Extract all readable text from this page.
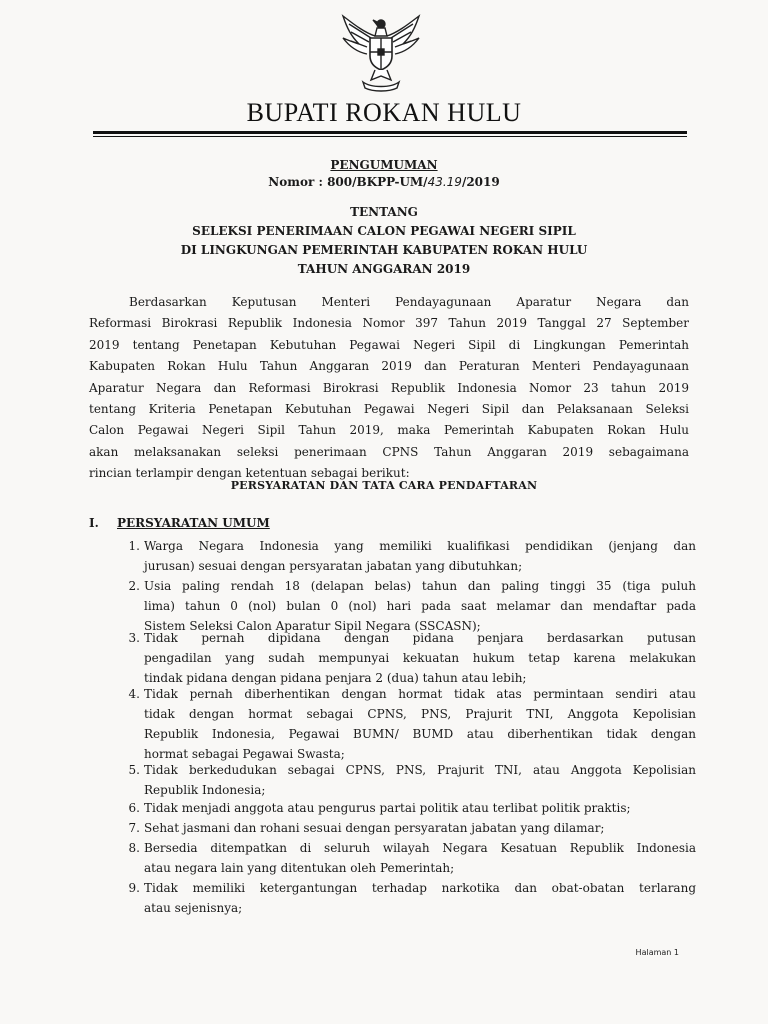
BUPATI ROKAN HULU
PENGUMUMAN
Nomor : 800/BKPP-UM/43.19/2019
TENTANG
SELEKSI PENERIMAAN CALON PEGAWAI NEGERI SIPIL
DI LINGKUNGAN PEMERINTAH KABUPATEN ROKAN HULU
TAHUN ANGGARAN 2019
Berdasarkan Keputusan Menteri Pendayagunaan Aparatur Negara dan
Reformasi Birokrasi Republik Indonesia Nomor 397 Tahun 2019 Tanggal 27 September
2019 tentang Penetapan Kebutuhan Pegawai Negeri Sipil di Lingkungan Pemerintah
Kabupaten Rokan Hulu Tahun Anggaran 2019 dan Peraturan Menteri Pendayagunaan
Aparatur Negara dan Reformasi Birokrasi Republik Indonesia Nomor 23 tahun 2019
tentang Kriteria Penetapan Kebutuhan Pegawai Negeri Sipil dan Pelaksanaan Seleksi
Calon Pegawai Negeri Sipil Tahun 2019, maka Pemerintah Kabupaten Rokan Hulu
akan melaksanakan seleksi penerimaan CPNS Tahun Anggaran 2019 sebagaimana
rincian terlampir dengan ketentuan sebagai berikut:
PERSYARATAN DAN TATA CARA PENDAFTARAN
I. PERSYARATAN UMUM
1. Warga Negara Indonesia yang memiliki kualifikasi pendidikan (jenjang dan
jurusan) sesuai dengan persyaratan jabatan yang dibutuhkan;
2. Usia paling rendah 18 (delapan belas) tahun dan paling tinggi 35 (tiga puluh
lima) tahun 0 (nol) bulan 0 (nol) hari pada saat melamar dan mendaftar pada
Sistem Seleksi Calon Aparatur Sipil Negara (SSCASN);
3. Tidak pernah dipidana dengan pidana penjara berdasarkan putusan
pengadilan yang sudah mempunyai kekuatan hukum tetap karena melakukan
tindak pidana dengan pidana penjara 2 (dua) tahun atau lebih;
4. Tidak pernah diberhentikan dengan hormat tidak atas permintaan sendiri atau
tidak dengan hormat sebagai CPNS, PNS, Prajurit TNI, Anggota Kepolisian
Republik Indonesia, Pegawai BUMN/ BUMD atau diberhentikan tidak dengan
hormat sebagai Pegawai Swasta;
5. Tidak berkedudukan sebagai CPNS, PNS, Prajurit TNI, atau Anggota Kepolisian
Republik Indonesia;
6. Tidak menjadi anggota atau pengurus partai politik atau terlibat politik praktis;
7. Sehat jasmani dan rohani sesuai dengan persyaratan jabatan yang dilamar;
8. Bersedia ditempatkan di seluruh wilayah Negara Kesatuan Republik Indonesia
atau negara lain yang ditentukan oleh Pemerintah;
9. Tidak memiliki ketergantungan terhadap narkotika dan obat-obatan terlarang
atau sejenisnya;
Halaman 1
